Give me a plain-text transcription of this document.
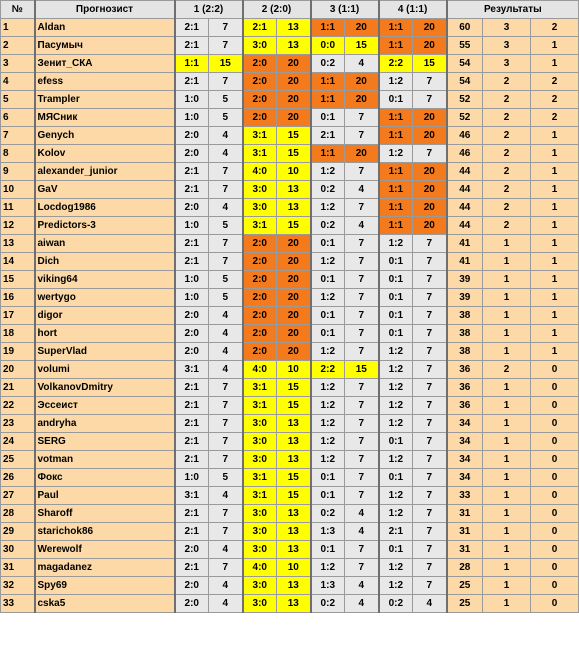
№	Прогнозист	1 (2:2)		2 (2:0)		3 (1:1)		4 (1:1)		Результаты		
1	Aldan	2:1	7	2:1	13	1:1	20	1:1	20	60	3	2
2	Пасумыч	2:1	7	3:0	13	0:0	15	1:1	20	55	3	1
3	Зенит_СКА	1:1	15	2:0	20	0:2	4	2:2	15	54	3	1
4	efess	2:1	7	2:0	20	1:1	20	1:2	7	54	2	2
5	Trampler	1:0	5	2:0	20	1:1	20	0:1	7	52	2	2
6	МЯСник	1:0	5	2:0	20	0:1	7	1:1	20	52	2	2
7	Genych	2:0	4	3:1	15	2:1	7	1:1	20	46	2	1
8	Kolov	2:0	4	3:1	15	1:1	20	1:2	7	46	2	1
9	alexander_junior	2:1	7	4:0	10	1:2	7	1:1	20	44	2	1
10	GaV	2:1	7	3:0	13	0:2	4	1:1	20	44	2	1
11	Locdog1986	2:0	4	3:0	13	1:2	7	1:1	20	44	2	1
12	Predictors-3	1:0	5	3:1	15	0:2	4	1:1	20	44	2	1
13	aiwan	2:1	7	2:0	20	0:1	7	1:2	7	41	1	1
14	Dich	2:1	7	2:0	20	1:2	7	0:1	7	41	1	1
15	viking64	1:0	5	2:0	20	0:1	7	0:1	7	39	1	1
16	wertygo	1:0	5	2:0	20	1:2	7	0:1	7	39	1	1
17	digor	2:0	4	2:0	20	0:1	7	0:1	7	38	1	1
18	hort	2:0	4	2:0	20	0:1	7	0:1	7	38	1	1
19	SuperVlad	2:0	4	2:0	20	1:2	7	1:2	7	38	1	1
20	volumi	3:1	4	4:0	10	2:2	15	1:2	7	36	2	0
21	VolkanovDmitry	2:1	7	3:1	15	1:2	7	1:2	7	36	1	0
22	Эссеист	2:1	7	3:1	15	1:2	7	1:2	7	36	1	0
23	andryha	2:1	7	3:0	13	1:2	7	1:2	7	34	1	0
24	SERG	2:1	7	3:0	13	1:2	7	0:1	7	34	1	0
25	votman	2:1	7	3:0	13	1:2	7	1:2	7	34	1	0
26	Фокс	1:0	5	3:1	15	0:1	7	0:1	7	34	1	0
27	Paul	3:1	4	3:1	15	0:1	7	1:2	7	33	1	0
28	Sharoff	2:1	7	3:0	13	0:2	4	1:2	7	31	1	0
29	starichok86	2:1	7	3:0	13	1:3	4	2:1	7	31	1	0
30	Werewolf	2:0	4	3:0	13	0:1	7	0:1	7	31	1	0
31	magadanez	2:1	7	4:0	10	1:2	7	1:2	7	28	1	0
32	Spy69	2:0	4	3:0	13	1:3	4	1:2	7	25	1	0
33	cska5	2:0	4	3:0	13	0:2	4	0:2	4	25	1	0
